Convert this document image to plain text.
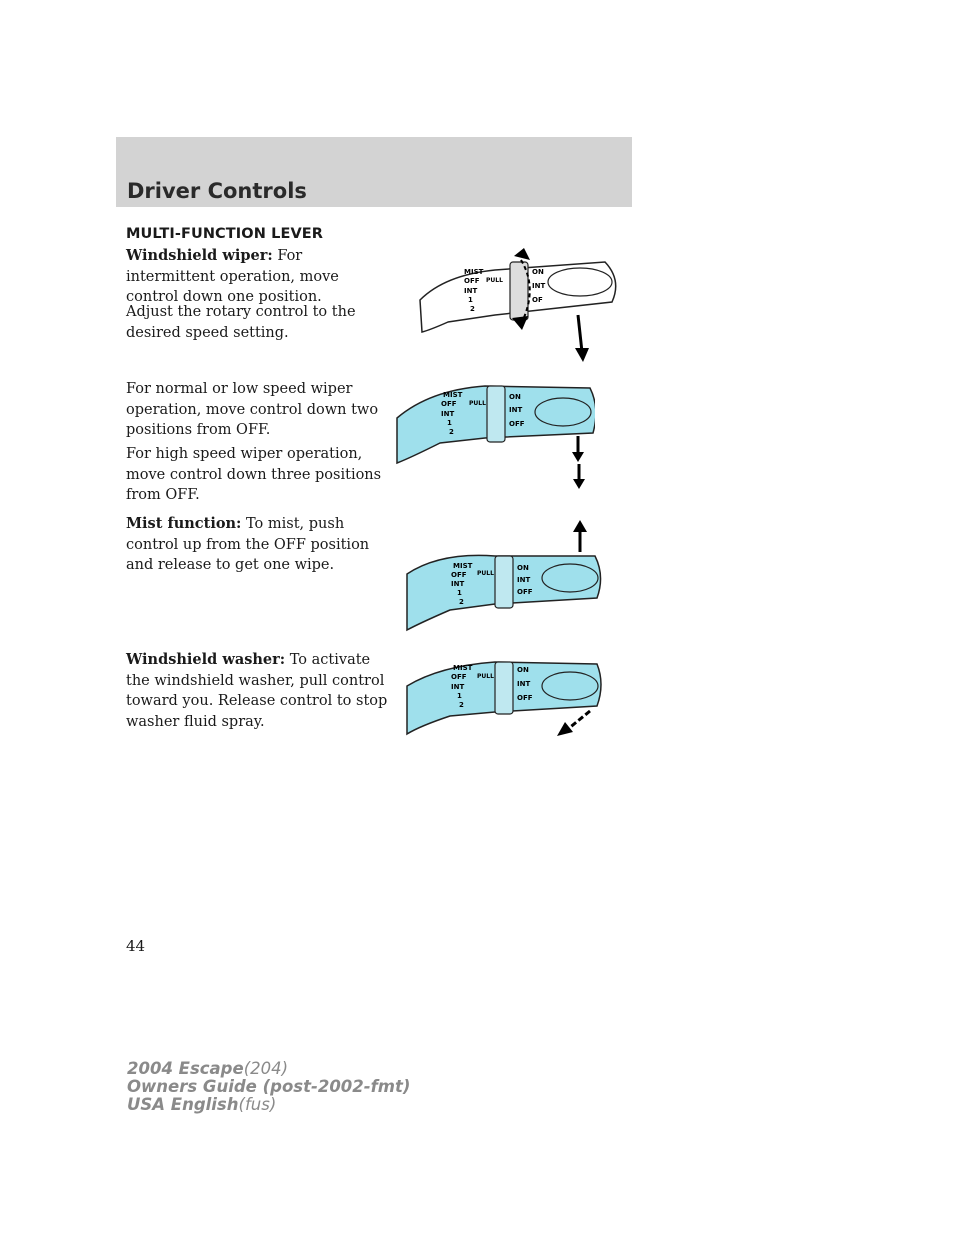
Driver Controls
MULTI-FUNCTION LEVER
Windshield wiper: For intermittent operation, move control down one position.
Adjust the rotary control to the desired speed setting.
For normal or low speed wiper operation, move control down two positions from OFF.
For high speed wiper operation, move control down three positions from OFF.
Mist function: To mist, push control up from the OFF position and release to get one wipe.
Windshield washer: To activate the windshield washer, pull control toward you. Release control to stop washer fluid spray.
MIST
OFF
INT
1
2
PULL
ON
INT
OF
MIST
OFF
INT
1
2
PULL
ON
INT
OFF
MIST
OFF
INT
1
2
PULL
ON
INT
OFF
MIST
OFF
INT
1
2
PULL
ON
INT
OFF
44
2004 Escape(204)
Owners Guide (post-2002-fmt)
USA English(fus)
